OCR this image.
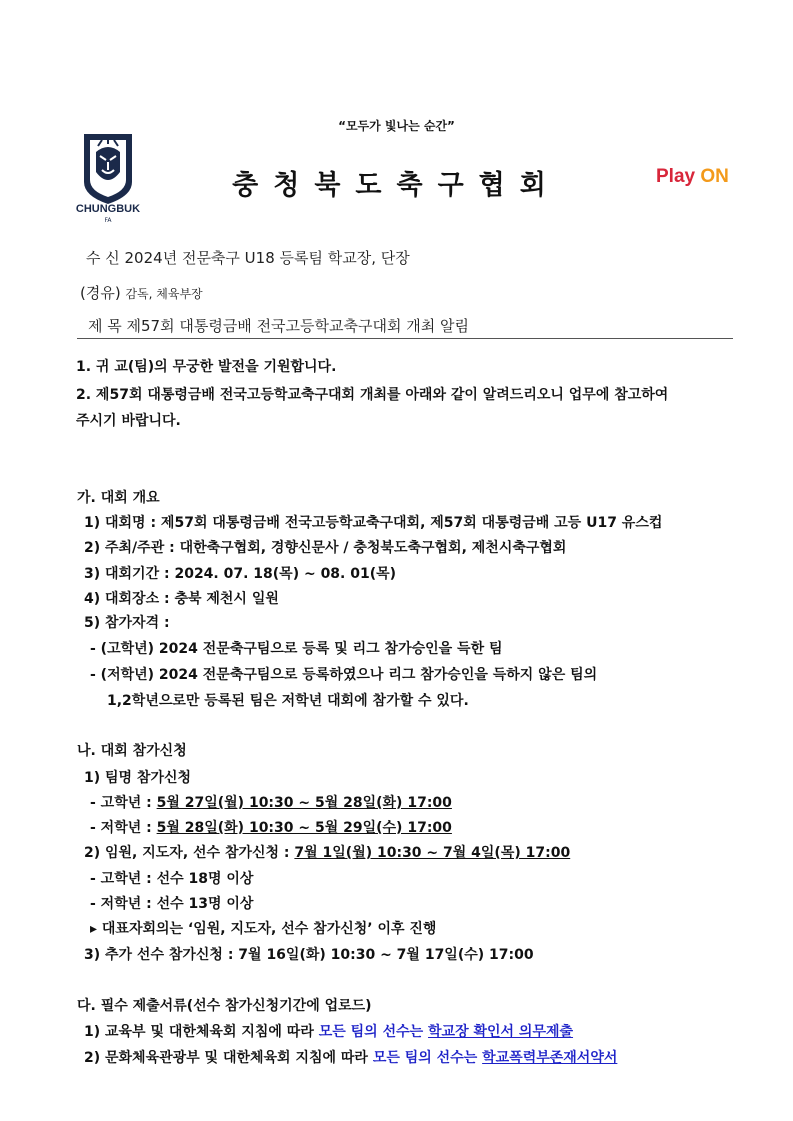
“모두가 빛나는 순간”
CHUNGBUK
FA
충청북도축구협회	Play ON
수 신 2024년 전문축구 U18 등록팀 학교장, 단장
(경유) 감독, 체육부장
제 목 제57회 대통령금배 전국고등학교축구대회 개최 알림
1. 귀 교(팀)의 무궁한 발전을 기원합니다.
2. 제57회 대통령금배 전국고등학교축구대회 개최를 아래와 같이 알려드리오니 업무에 참고하여
주시기 바랍니다.
가. 대회 개요
1) 대회명 : 제57회 대통령금배 전국고등학교축구대회, 제57회 대통령금배 고등 U17 유스컵
2) 주최/주관 : 대한축구협회, 경향신문사 / 충청북도축구협회, 제천시축구협회
3) 대회기간 : 2024. 07. 18(목) ~ 08. 01(목)
4) 대회장소 : 충북 제천시 일원
5) 참가자격 :
- (고학년) 2024 전문축구팀으로 등록 및 리그 참가승인을 득한 팀
- (저학년) 2024 전문축구팀으로 등록하였으나 리그 참가승인을 득하지 않은 팀의
1,2학년으로만 등록된 팀은 저학년 대회에 참가할 수 있다.
나. 대회 참가신청
1) 팀명 참가신청
- 고학년 : 5월 27일(월) 10:30 ~ 5월 28일(화) 17:00
- 저학년 : 5월 28일(화) 10:30 ~ 5월 29일(수) 17:00
2) 임원, 지도자, 선수 참가신청 : 7월 1일(월) 10:30 ~ 7월 4일(목) 17:00
- 고학년 : 선수 18명 이상
- 저학년 : 선수 13명 이상
▸ 대표자회의는 ‘임원, 지도자, 선수 참가신청’ 이후 진행
3) 추가 선수 참가신청 : 7월 16일(화) 10:30 ~ 7월 17일(수) 17:00
다. 필수 제출서류(선수 참가신청기간에 업로드)
1) 교육부 및 대한체육회 지침에 따라 모든 팀의 선수는 학교장 확인서 의무제출
2) 문화체육관광부 및 대한체육회 지침에 따라 모든 팀의 선수는 학교폭력부존재서약서
